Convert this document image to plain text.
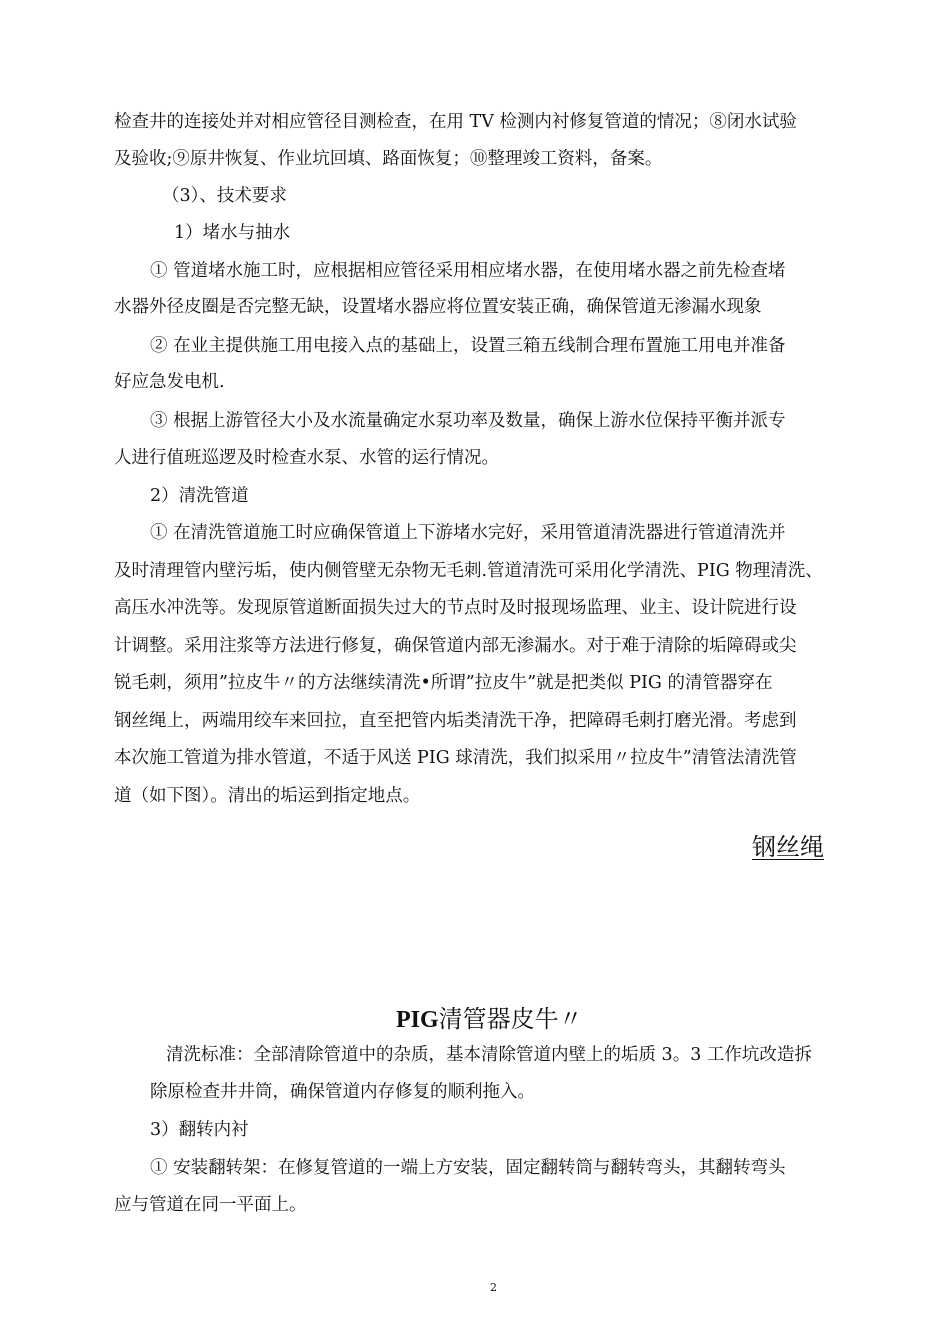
检查井的连接处并对相应管径目测检查，在用 TV 检测内衬修复管道的情况；⑧闭水试验
及验收;⑨原井恢复、作业坑回填、路面恢复；⑩整理竣工资料，备案。
（3）、技术要求
1）堵水与抽水
① 管道堵水施工时，应根据相应管径采用相应堵水器，在使用堵水器之前先检查堵
水器外径皮圈是否完整无缺，设置堵水器应将位置安装正确，确保管道无渗漏水现象
② 在业主提供施工用电接入点的基础上，设置三箱五线制合理布置施工用电并准备
好应急发电机.
③ 根据上游管径大小及水流量确定水泵功率及数量，确保上游水位保持平衡并派专
人进行值班巡逻及时检查水泵、水管的运行情况。
2）清洗管道
① 在清洗管道施工时应确保管道上下游堵水完好，采用管道清洗器进行管道清洗并
及时清理管内壁污垢，使内侧管壁无杂物无毛刺.管道清洗可采用化学清洗、PIG 物理清洗、
高压水冲洗等。发现原管道断面损失过大的节点时及时报现场监理、业主、设计院进行设
计调整。采用注浆等方法进行修复，确保管道内部无渗漏水。对于难于清除的垢障碍或尖
锐毛刺，须用”拉皮牛〃的方法继续清洗•所谓”拉皮牛”就是把类似 PIG 的清管器穿在
钢丝绳上，两端用绞车来回拉，直至把管内垢类清洗干净，把障碍毛刺打磨光滑。考虑到
本次施工管道为排水管道，不适于风送 PIG 球清洗，我们拟采用〃拉皮牛”清管法清洗管
道（如下图）。清出的垢运到指定地点。
钢丝绳
PIG清管器皮牛〃
清洗标准：全部清除管道中的杂质，基本清除管道内壁上的垢质 3。3 工作坑改造拆
除原检查井井筒，确保管道内存修复的顺利拖入。
3）翻转内衬
① 安装翻转架：在修复管道的一端上方安装，固定翻转筒与翻转弯头，其翻转弯头
应与管道在同一平面上。
2
